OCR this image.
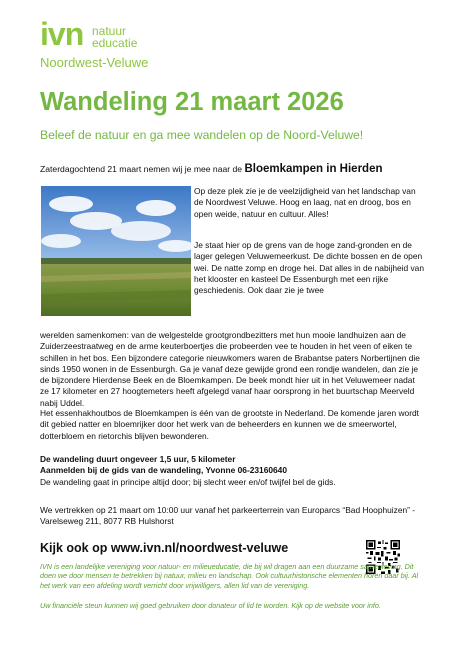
ivn natuur
educatie
Noordwest-Veluwe
Wandeling 21 maart 2026
Beleef de natuur en ga mee wandelen op de Noord-Veluwe!
Zaterdagochtend 21 maart nemen wij je mee naar de Bloemkampen in Hierden
Op deze plek zie je de veelzijdigheid van het landschap van de Noordwest Veluwe. Hoog en laag, nat en droog, bos en open weide, natuur en cultuur. Alles!
Je staat hier op de grens van de hoge zand-gronden en de lager gelegen Veluwemeerkust. De dichte bossen en de open wei. De natte zomp en droge hei. Dat alles in de nabijheid van het klooster en kasteel De Essenburgh met een rijke geschiedenis. Ook daar zie je twee
werelden samenkomen: van de welgestelde grootgrondbezitters met hun mooie landhuizen aan de Zuiderzeestraatweg en de arme keuterboertjes die probeerden vee te houden in het veen of eiken te schillen in het bos. Een bijzondere categorie nieuwkomers waren de Brabantse paters Norbertijnen die sinds 1950 wonen in de Essenburgh. Ga je vanaf deze gewijde grond een rondje wandelen, dan zie je de bijzondere Hierdense Beek en de Bloemkampen. De beek mondt hier uit in het Veluwemeer nadat ze 17 kilometer en 27 hoogtemeters heeft afgelegd vanaf haar oorsprong in het buurtschap Meerveld nabij Uddel.
Het essenhakhoutbos de Bloemkampen is één van de grootste in Nederland. De komende jaren wordt dit gebied natter en bloemrijker door het werk van de beheerders en kunnen we de smeerwortel, dotterbloem en rietorchis blijven bewonderen.
De wandeling duurt ongeveer 1,5 uur, 5 kilometer
Aanmelden bij de gids van de wandeling, Yvonne 06-23160640
De wandeling gaat in principe altijd door; bij slecht weer en/of twijfel bel de gids.
We vertrekken op 21 maart om 10:00 uur vanaf het parkeerterrein van Europarcs “Bad Hoophuizen” - Varelseweg 211, 8077 RB Hulshorst
Kijk ook op www.ivn.nl/noordwest-veluwe
IVN is een landelijke vereniging voor natuur- en milieueducatie, die bij wil dragen aan een duurzame samenleving. Dit doen we door mensen te betrekken bij natuur, milieu en landschap. Ook cultuurhistorische elementen horen daar bij. Al het werk van een afdeling wordt verricht door vrijwilligers, allen lid van de vereniging.
Uw financiële steun kunnen wij goed gebruiken door donateur of lid te worden. Kijk op de website voor info.
